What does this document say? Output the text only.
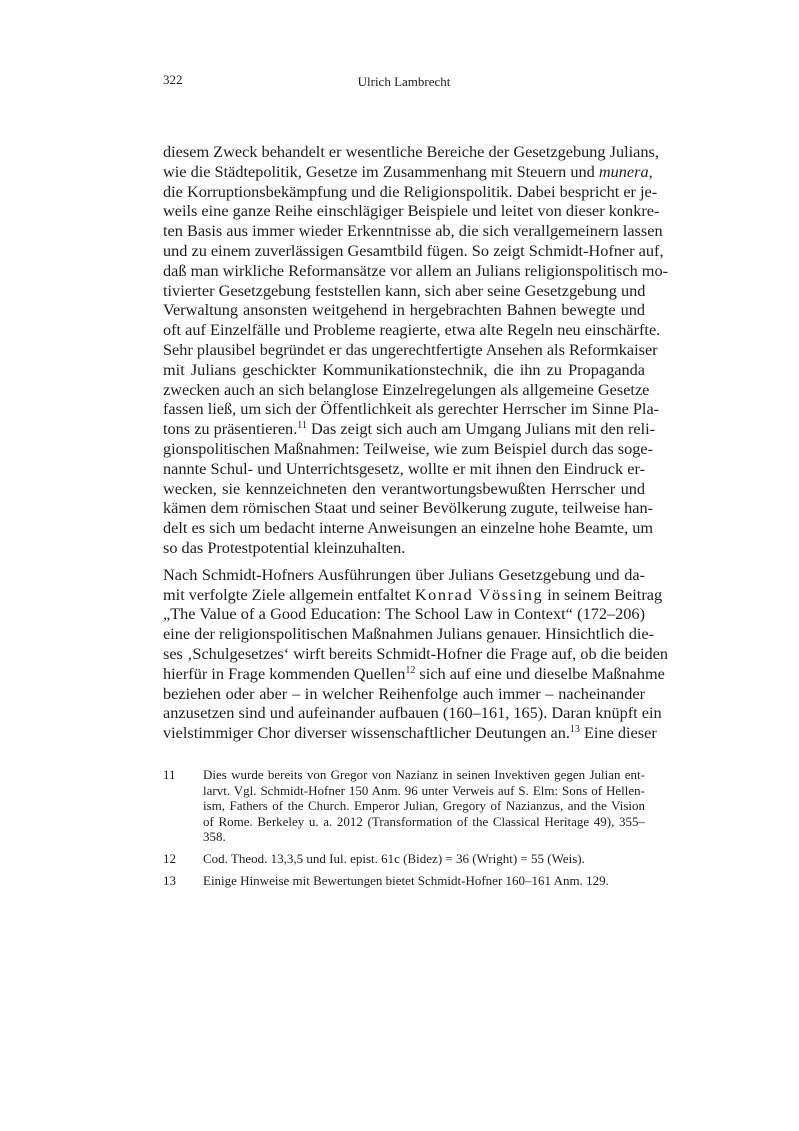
322	Ulrich Lambrecht

diesem Zweck behandelt er wesentliche Bereiche der Gesetzgebung Julians,
wie die Städtepolitik, Gesetze im Zusammenhang mit Steuern und munera,
die Korruptionsbekämpfung und die Religionspolitik. Dabei bespricht er je-
weils eine ganze Reihe einschlägiger Beispiele und leitet von dieser konkre-
ten Basis aus immer wieder Erkenntnisse ab, die sich verallgemeinern lassen
und zu einem zuverlässigen Gesamtbild fügen. So zeigt Schmidt-Hofner auf,
daß man wirkliche Reformansätze vor allem an Julians religionspolitisch mo-
tivierter Gesetzgebung feststellen kann, sich aber seine Gesetzgebung und
Verwaltung ansonsten weitgehend in hergebrachten Bahnen bewegte und
oft auf Einzelfälle und Probleme reagierte, etwa alte Regeln neu einschärfte.
Sehr plausibel begründet er das ungerechtfertigte Ansehen als Reformkaiser
mit Julians geschickter Kommunikationstechnik, die ihn zu Propaganda
zwecken auch an sich belanglose Einzelregelungen als allgemeine Gesetze
fassen ließ, um sich der Öffentlichkeit als gerechter Herrscher im Sinne Pla-
tons zu präsentieren.$^{11}$ Das zeigt sich auch am Umgang Julians mit den reli-
gionspolitischen Maßnahmen: Teilweise, wie zum Beispiel durch das soge-
nannte Schul- und Unterrichtsgesetz, wollte er mit ihnen den Eindruck er-
wecken, sie kennzeichneten den verantwortungsbewußten Herrscher und
kämen dem römischen Staat und seiner Bevölkerung zugute, teilweise han-
delt es sich um bedacht interne Anweisungen an einzelne hohe Beamte, um
so das Protestpotential kleinzuhalten.

Nach Schmidt-Hofners Ausführungen über Julians Gesetzgebung und da-
mit verfolgte Ziele allgemein entfaltet Konrad Vössing in seinem Beitrag
„The Value of a Good Education: The School Law in Context“ (172–206)
eine der religionspolitischen Maßnahmen Julians genauer. Hinsichtlich die-
ses ‚Schulgesetzes‘ wirft bereits Schmidt-Hofner die Frage auf, ob die beiden
hierfür in Frage kommenden Quellen$^{12}$ sich auf eine und dieselbe Maßnahme
beziehen oder aber – in welcher Reihenfolge auch immer – nacheinander
anzusetzen sind und aufeinander aufbauen (160–161, 165). Daran knüpft ein
vielstimmiger Chor diverser wissenschaftlicher Deutungen an.$^{13}$ Eine dieser

11	Dies wurde bereits von Gregor von Nazianz in seinen Invektiven gegen Julian ent-
larvt. Vgl. Schmidt-Hofner 150 Anm. 96 unter Verweis auf S. Elm: Sons of Hellen-
ism, Fathers of the Church. Emperor Julian, Gregory of Nazianzus, and the Vision
of Rome. Berkeley u. a. 2012 (Transformation of the Classical Heritage 49), 355–
358.
12	Cod. Theod. 13,3,5 und Iul. epist. 61c (Bidez) = 36 (Wright) = 55 (Weis).
13	Einige Hinweise mit Bewertungen bietet Schmidt-Hofner 160–161 Anm. 129.
